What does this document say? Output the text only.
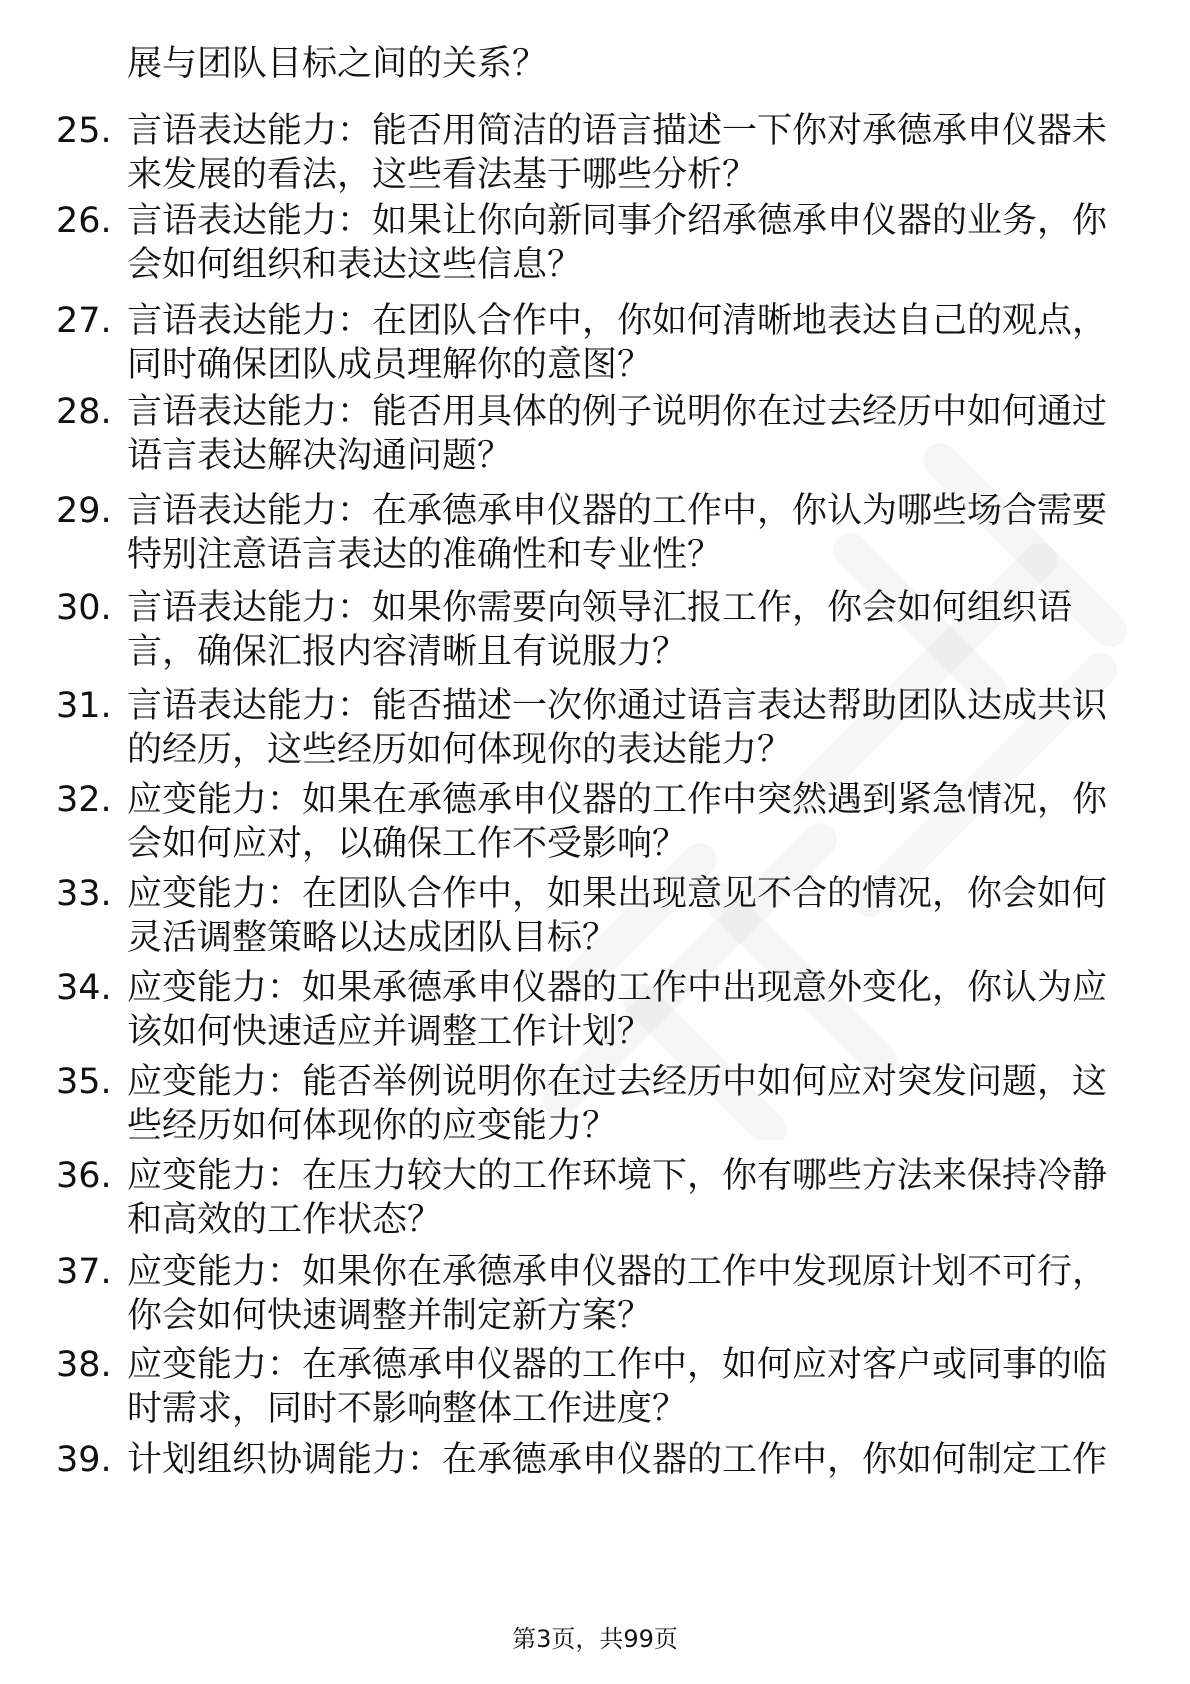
展与团队目标之间的关系？
25. 言语表达能力：能否用简洁的语言描述一下你对承德承申仪器未
来发展的看法，这些看法基于哪些分析？
26. 言语表达能力：如果让你向新同事介绍承德承申仪器的业务，你
会如何组织和表达这些信息？
27. 言语表达能力：在团队合作中，你如何清晰地表达自己的观点，
同时确保团队成员理解你的意图？
28. 言语表达能力：能否用具体的例子说明你在过去经历中如何通过
语言表达解决沟通问题？
29. 言语表达能力：在承德承申仪器的工作中，你认为哪些场合需要
特别注意语言表达的准确性和专业性？
30. 言语表达能力：如果你需要向领导汇报工作，你会如何组织语
言，确保汇报内容清晰且有说服力？
31. 言语表达能力：能否描述一次你通过语言表达帮助团队达成共识
的经历，这些经历如何体现你的表达能力？
32. 应变能力：如果在承德承申仪器的工作中突然遇到紧急情况，你
会如何应对，以确保工作不受影响？
33. 应变能力：在团队合作中，如果出现意见不合的情况，你会如何
灵活调整策略以达成团队目标？
34. 应变能力：如果承德承申仪器的工作中出现意外变化，你认为应
该如何快速适应并调整工作计划？
35. 应变能力：能否举例说明你在过去经历中如何应对突发问题，这
些经历如何体现你的应变能力？
36. 应变能力：在压力较大的工作环境下，你有哪些方法来保持冷静
和高效的工作状态？
37. 应变能力：如果你在承德承申仪器的工作中发现原计划不可行，
你会如何快速调整并制定新方案？
38. 应变能力：在承德承申仪器的工作中，如何应对客户或同事的临
时需求，同时不影响整体工作进度？
39. 计划组织协调能力：在承德承申仪器的工作中，你如何制定工作
第3页，共99页
